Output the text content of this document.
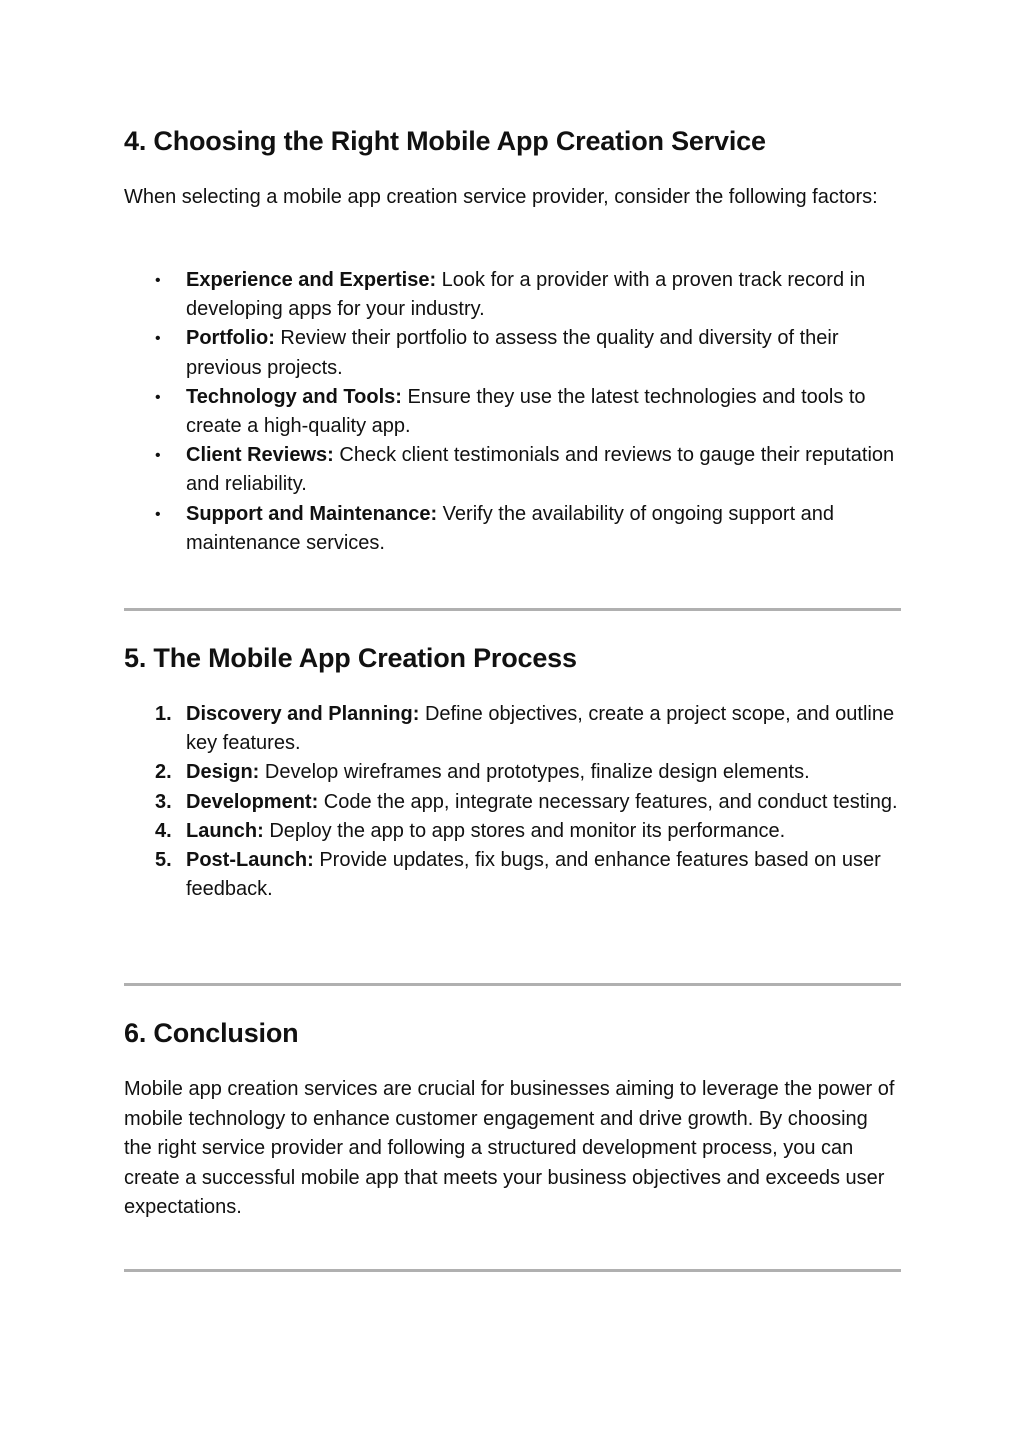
4. Choosing the Right Mobile App Creation Service

When selecting a mobile app creation service provider, consider the following factors:

• Experience and Expertise: Look for a provider with a proven track record in developing apps for your industry.
• Portfolio: Review their portfolio to assess the quality and diversity of their previous projects.
• Technology and Tools: Ensure they use the latest technologies and tools to create a high-quality app.
• Client Reviews: Check client testimonials and reviews to gauge their reputation and reliability.
• Support and Maintenance: Verify the availability of ongoing support and maintenance services.
5. The Mobile App Creation Process
1. Discovery and Planning: Define objectives, create a project scope, and outline key features.
2. Design: Develop wireframes and prototypes, finalize design elements.
3. Development: Code the app, integrate necessary features, and conduct testing.
4. Launch: Deploy the app to app stores and monitor its performance.
5. Post-Launch: Provide updates, fix bugs, and enhance features based on user feedback.
6. Conclusion

Mobile app creation services are crucial for businesses aiming to leverage the power of mobile technology to enhance customer engagement and drive growth. By choosing the right service provider and following a structured development process, you can create a successful mobile app that meets your business objectives and exceeds user expectations.
